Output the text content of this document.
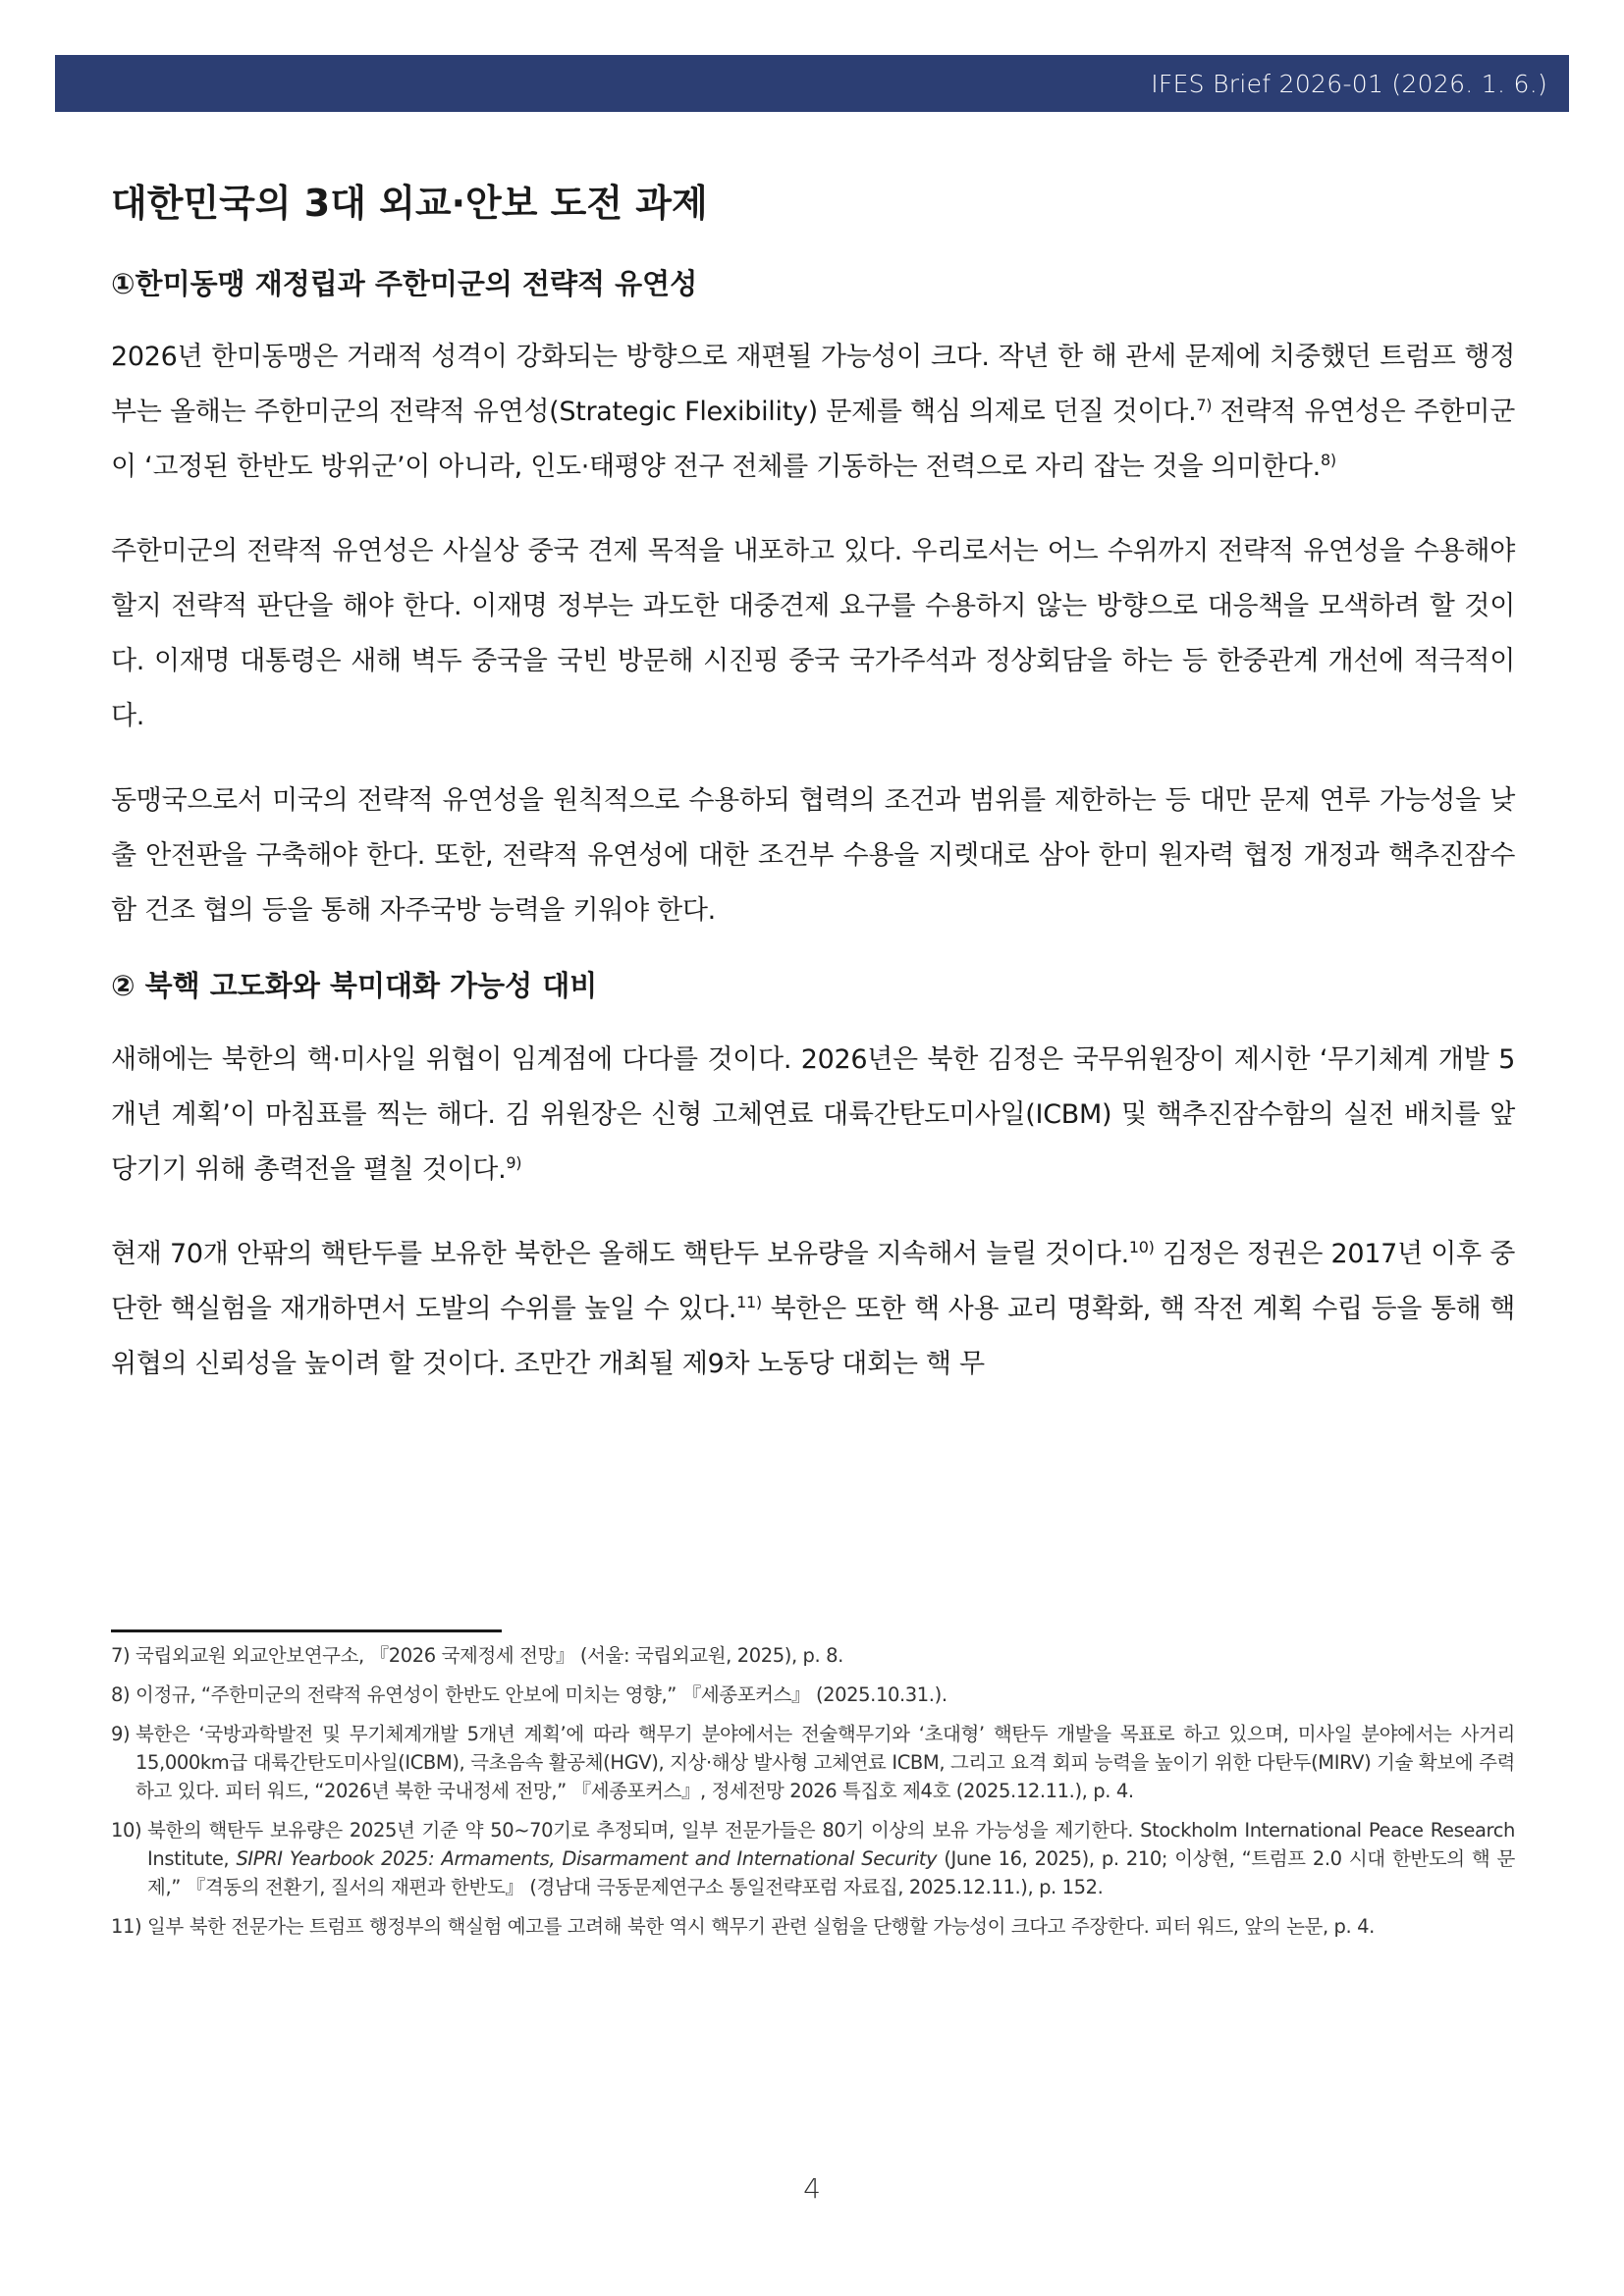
IFES Brief 2026-01 (2026. 1. 6.)
대한민국의 3대 외교·안보 도전 과제
①한미동맹 재정립과 주한미군의 전략적 유연성

2026년 한미동맹은 거래적 성격이 강화되는 방향으로 재편될 가능성이 크다. 작년 한 해 관세 문제에 치중했던 트럼프 행정부는 올해는 주한미군의 전략적 유연성(Strategic Flexibility) 문제를 핵심 의제로 던질 것이다.$^{7)}$ 전략적 유연성은 주한미군이 ‘고정된 한반도 방위군’이 아니라, 인도·태평양 전구 전체를 기동하는 전력으로 자리 잡는 것을 의미한다.$^{8)}$

주한미군의 전략적 유연성은 사실상 중국 견제 목적을 내포하고 있다. 우리로서는 어느 수위까지 전략적 유연성을 수용해야 할지 전략적 판단을 해야 한다. 이재명 정부는 과도한 대중견제 요구를 수용하지 않는 방향으로 대응책을 모색하려 할 것이다. 이재명 대통령은 새해 벽두 중국을 국빈 방문해 시진핑 중국 국가주석과 정상회담을 하는 등 한중관계 개선에 적극적이다.

동맹국으로서 미국의 전략적 유연성을 원칙적으로 수용하되 협력의 조건과 범위를 제한하는 등 대만 문제 연루 가능성을 낮출 안전판을 구축해야 한다. 또한, 전략적 유연성에 대한 조건부 수용을 지렛대로 삼아 한미 원자력 협정 개정과 핵추진잠수함 건조 협의 등을 통해 자주국방 능력을 키워야 한다.

② 북핵 고도화와 북미대화 가능성 대비

새해에는 북한의 핵·미사일 위협이 임계점에 다다를 것이다. 2026년은 북한 김정은 국무위원장이 제시한 ‘무기체계 개발 5개년 계획’이 마침표를 찍는 해다. 김 위원장은 신형 고체연료 대륙간탄도미사일(ICBM) 및 핵추진잠수함의 실전 배치를 앞당기기 위해 총력전을 펼칠 것이다.$^{9)}$

현재 70개 안팎의 핵탄두를 보유한 북한은 올해도 핵탄두 보유량을 지속해서 늘릴 것이다.$^{10)}$ 김정은 정권은 2017년 이후 중단한 핵실험을 재개하면서 도발의 수위를 높일 수 있다.$^{11)}$ 북한은 또한 핵 사용 교리 명확화, 핵 작전 계획 수립 등을 통해 핵 위협의 신뢰성을 높이려 할 것이다. 조만간 개최될 제9차 노동당 대회는 핵 무

7) 국립외교원 외교안보연구소, 『2026 국제정세 전망』 (서울: 국립외교원, 2025), p. 8.
8) 이정규, “주한미군의 전략적 유연성이 한반도 안보에 미치는 영향,” 『세종포커스』 (2025.10.31.).
9) 북한은 ‘국방과학발전 및 무기체계개발 5개년 계획’에 따라 핵무기 분야에서는 전술핵무기와 ‘초대형’ 핵탄두 개발을 목표로 하고 있으며, 미사일 분야에서는 사거리 15,000km급 대륙간탄도미사일(ICBM), 극초음속 활공체(HGV), 지상·해상 발사형 고체연료 ICBM, 그리고 요격 회피 능력을 높이기 위한 다탄두(MIRV) 기술 확보에 주력하고 있다. 피터 워드, “2026년 북한 국내정세 전망,” 『세종포커스』, 정세전망 2026 특집호 제4호 (2025.12.11.), p. 4.
10) 북한의 핵탄두 보유량은 2025년 기준 약 50~70기로 추정되며, 일부 전문가들은 80기 이상의 보유 가능성을 제기한다. Stockholm International Peace Research Institute, SIPRI Yearbook 2025: Armaments, Disarmament and International Security (June 16, 2025), p. 210; 이상현, “트럼프 2.0 시대 한반도의 핵 문제,” 『격동의 전환기, 질서의 재편과 한반도』 (경남대 극동문제연구소 통일전략포럼 자료집, 2025.12.11.), p. 152.
11) 일부 북한 전문가는 트럼프 행정부의 핵실험 예고를 고려해 북한 역시 핵무기 관련 실험을 단행할 가능성이 크다고 주장한다. 피터 워드, 앞의 논문, p. 4.
4
